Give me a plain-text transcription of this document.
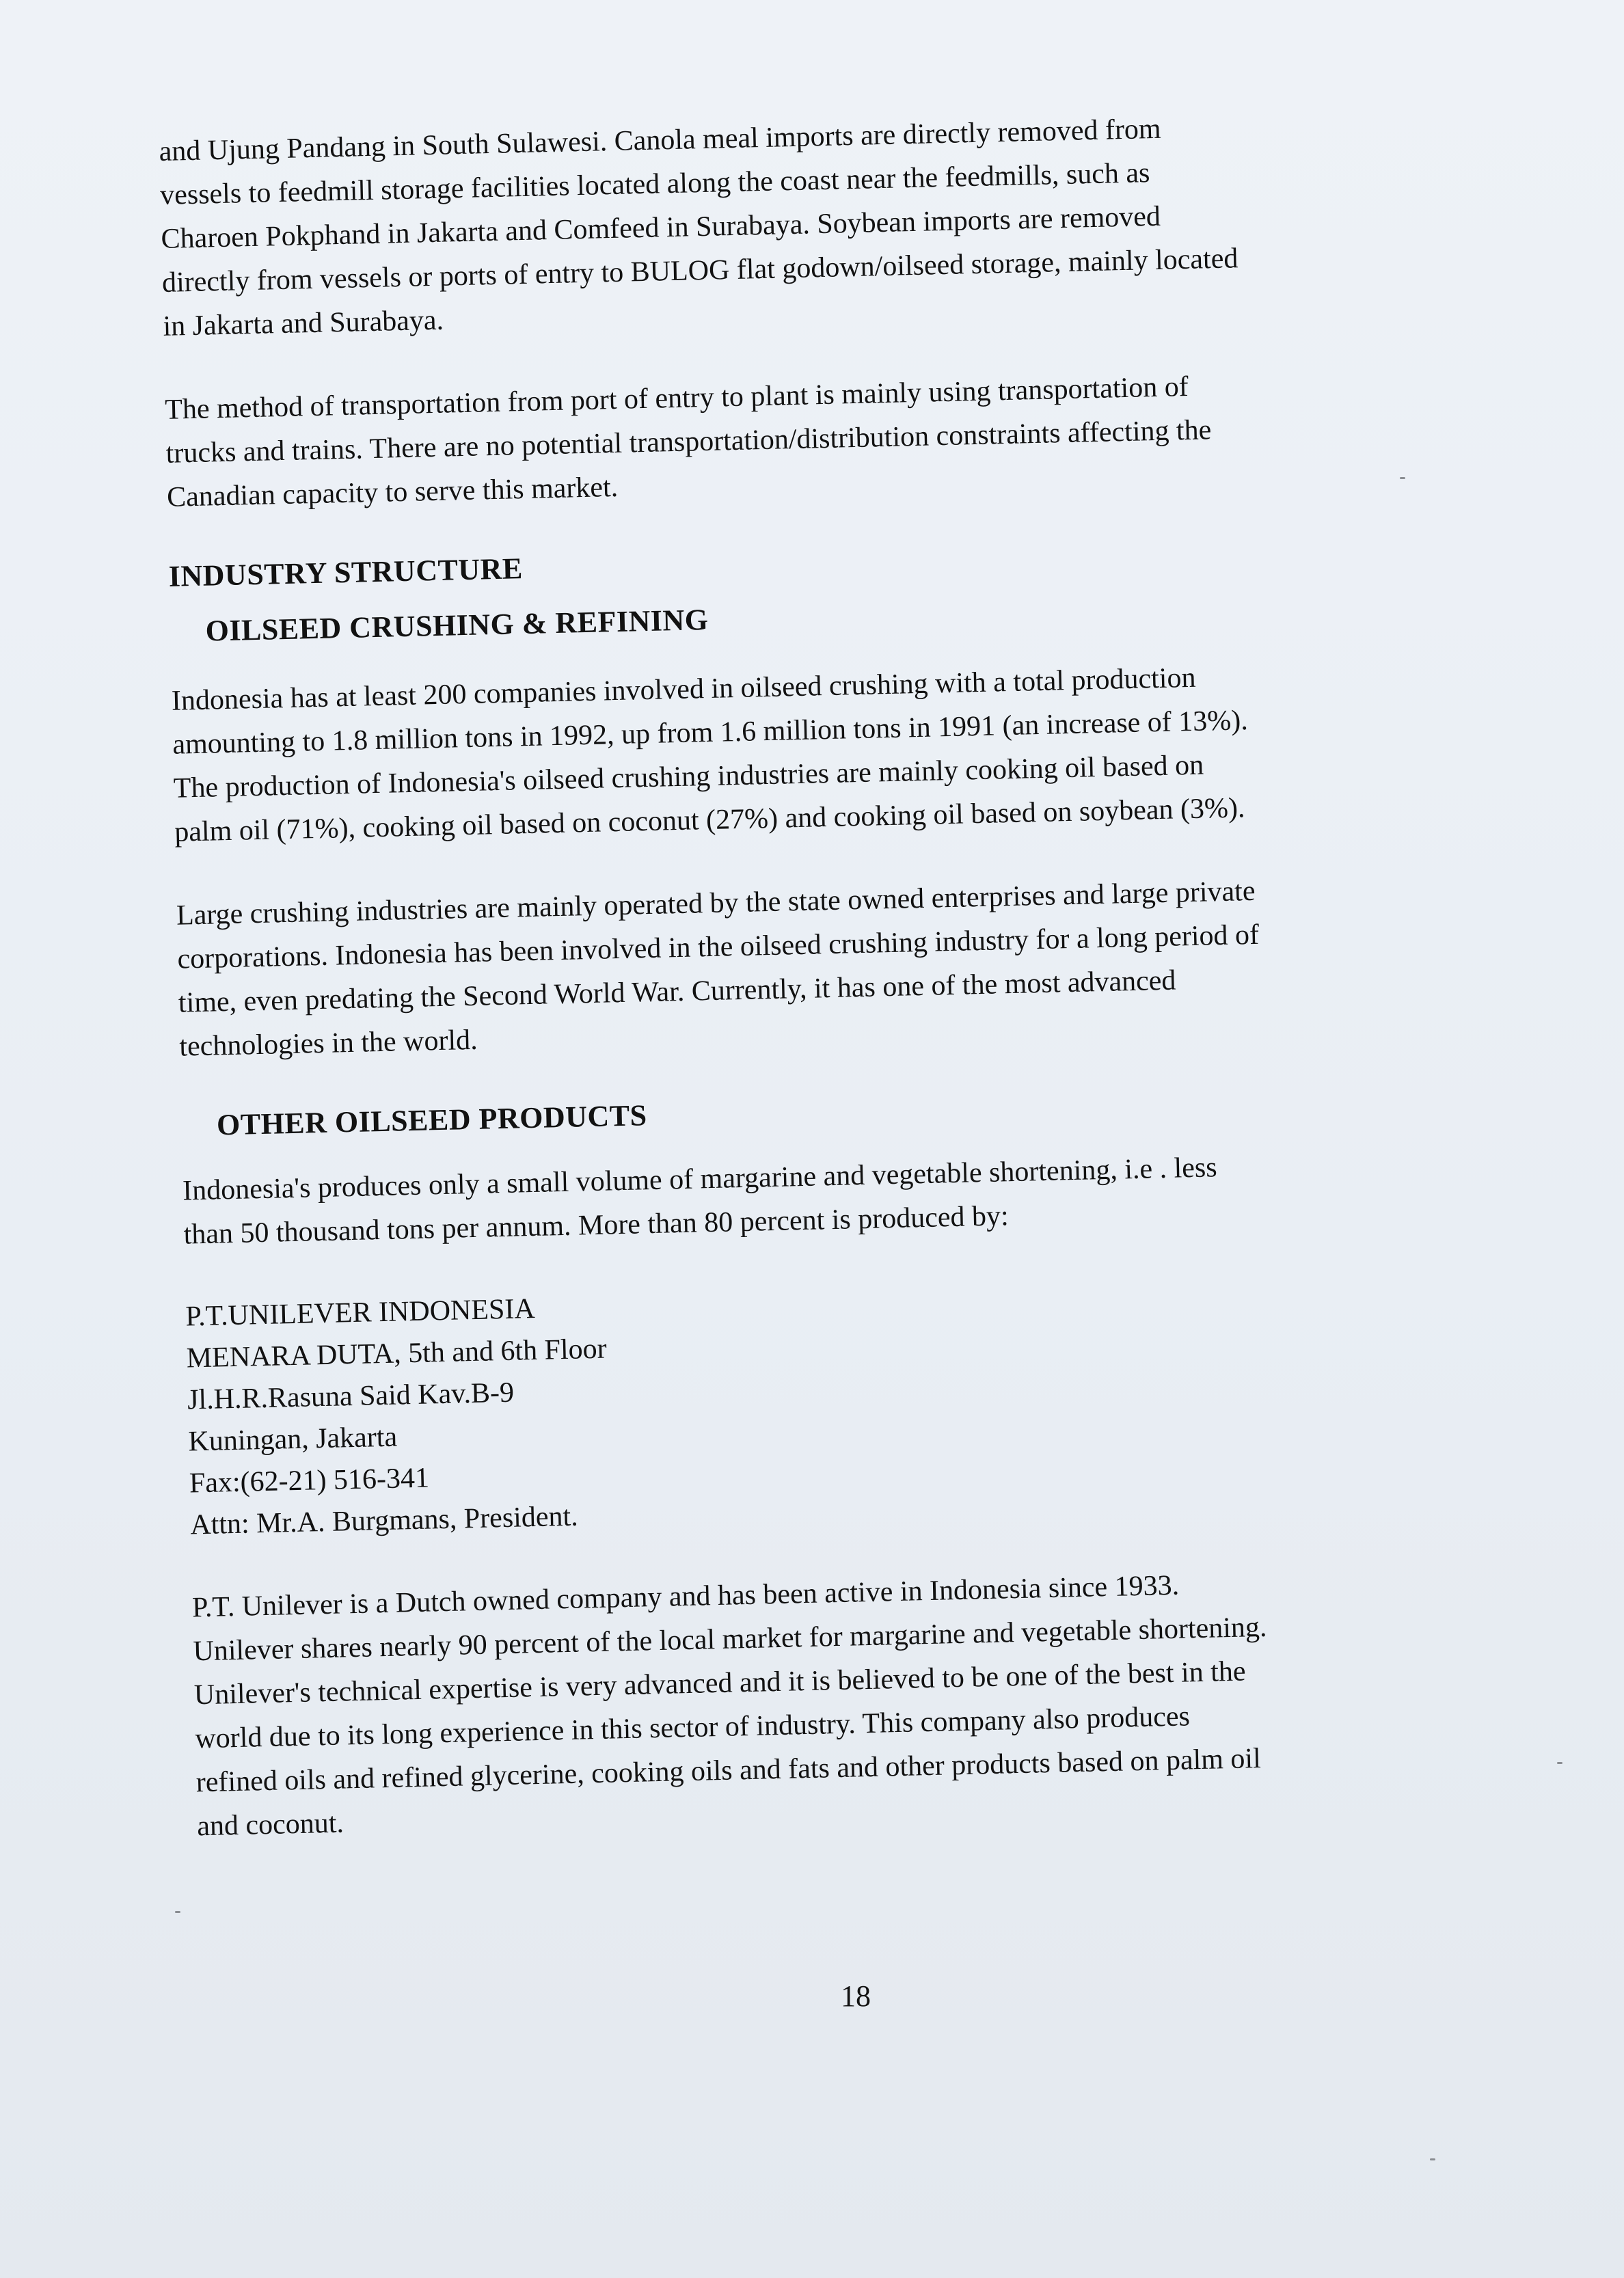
and Ujung Pandang in South Sulawesi. Canola meal imports are directly removed from
vessels to feedmill storage facilities located along the coast near the feedmills, such as
Charoen Pokphand in Jakarta and Comfeed in Surabaya. Soybean imports are removed
directly from vessels or ports of entry to BULOG flat godown/oilseed storage, mainly located
in Jakarta and Surabaya.

The method of transportation from port of entry to plant is mainly using transportation of
trucks and trains. There are no potential transportation/distribution constraints affecting the
Canadian capacity to serve this market.

INDUSTRY STRUCTURE
OILSEED CRUSHING & REFINING

Indonesia has at least 200 companies involved in oilseed crushing with a total production
amounting to 1.8 million tons in 1992, up from 1.6 million tons in 1991 (an increase of 13%).
The production of Indonesia's oilseed crushing industries are mainly cooking oil based on
palm oil (71%), cooking oil based on coconut (27%) and cooking oil based on soybean (3%).

Large crushing industries are mainly operated by the state owned enterprises and large private
corporations. Indonesia has been involved in the oilseed crushing industry for a long period of
time, even predating the Second World War. Currently, it has one of the most advanced
technologies in the world.

OTHER OILSEED PRODUCTS

Indonesia's produces only a small volume of margarine and vegetable shortening, i.e . less
than 50 thousand tons per annum. More than 80 percent is produced by:

P.T.UNILEVER INDONESIA
MENARA DUTA, 5th and 6th Floor
Jl.H.R.Rasuna Said Kav.B-9
Kuningan, Jakarta
Fax:(62-21) 516-341
Attn: Mr.A. Burgmans, President.

P.T. Unilever is a Dutch owned company and has been active in Indonesia since 1933.
Unilever shares nearly 90 percent of the local market for margarine and vegetable shortening.
Unilever's technical expertise is very advanced and it is believed to be one of the best in the
world due to its long experience in this sector of industry. This company also produces
refined oils and refined glycerine, cooking oils and fats and other products based on palm oil
and coconut.

18
